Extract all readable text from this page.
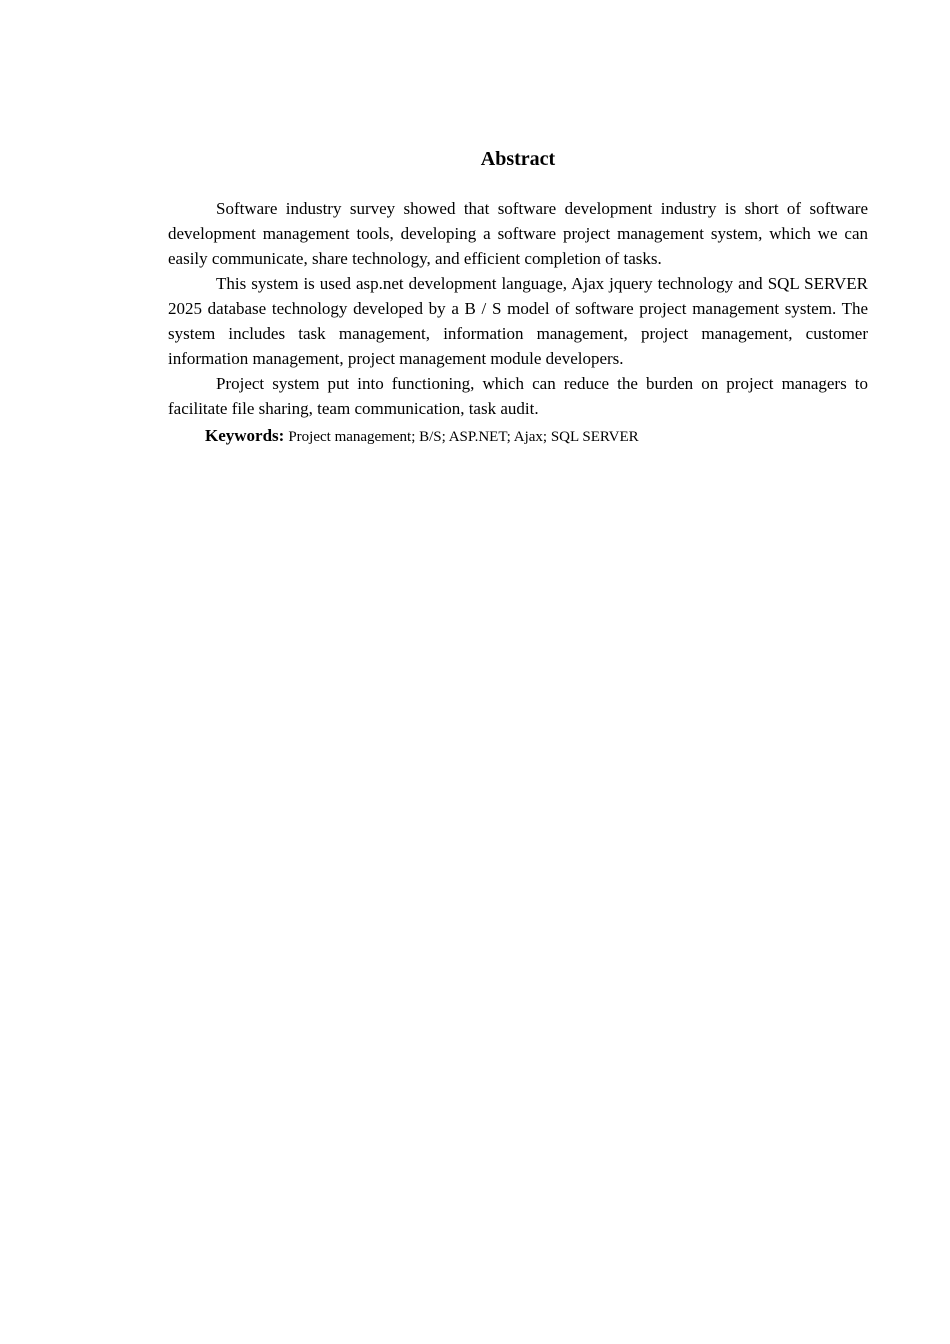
Abstract

Software industry survey showed that software development industry is short of software development management tools, developing a software project management system, which we can easily communicate, share technology, and efficient completion of tasks.

This system is used asp.net development language, Ajax jquery technology and SQL SERVER 2025 database technology developed by a B / S model of software project management system. The system includes task management, information management, project management, customer information management, project management module developers.

Project system put into functioning, which can reduce the burden on project managers to facilitate file sharing, team communication, task audit.

Keywords: Project management; B/S; ASP.NET; Ajax; SQL SERVER
